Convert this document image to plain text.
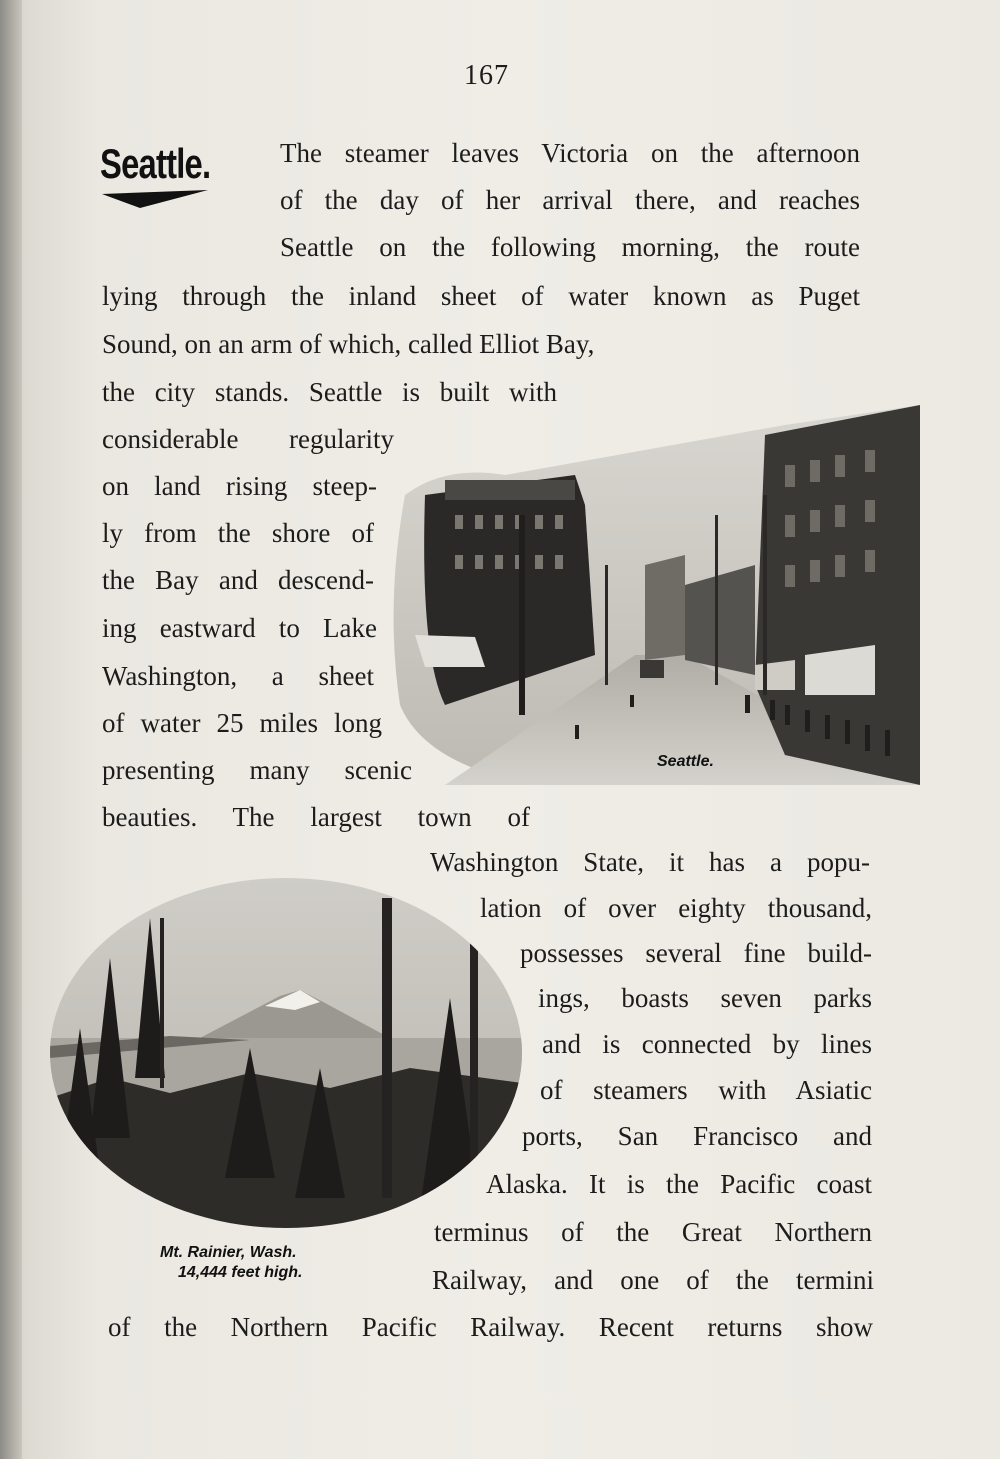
167
Seattle.	The steamer leaves Victoria on the afternoon
of the day of her arrival there, and reaches
Seattle on the following morning, the route
lying through the inland sheet of water known as Puget
Sound, on an arm of which, called Elliot Bay,
the city stands. Seattle is built with
considerable regularity
on land rising steep-
ly from the shore of
the Bay and descend-
ing eastward to Lake
Washington, a sheet
of water 25 miles long
presenting many scenic
beauties. The largest town of
Washington State, it has a popu-
lation of over eighty thousand,
possesses several fine build-
ings, boasts seven parks
and is connected by lines
of steamers with Asiatic
ports, San Francisco and
Alaska. It is the Pacific coast
terminus of the Great Northern
Railway, and one of the termini
of the Northern Pacific Railway. Recent returns show
Seattle.
Mt. Rainier, Wash.
14,444 feet high.
